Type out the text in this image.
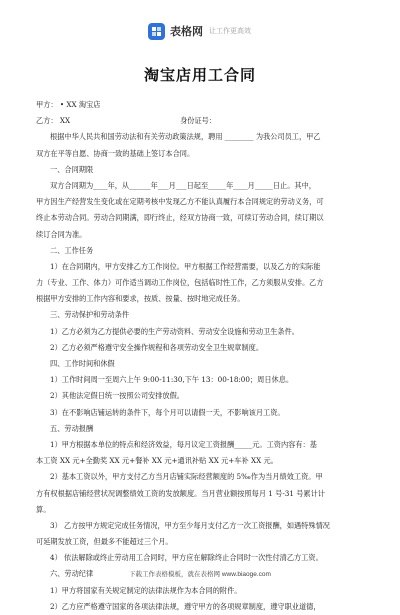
表格网 让工作更高效
淘宝店用工合同
甲方： • XX 淘宝店
乙方： XX	身份证号：
根据中华人民共和国劳动法和有关劳动政策法规，聘用 ________ 为我公司员工，甲乙
双方在平等自愿、协商一致的基础上签订本合同。
一、合同期限
双方合同期为____年，从______年___月___日起至_____年____月_____日止。其中，
甲方因生产经营发生变化或在定期考核中发现乙方不能认真履行本合同规定的劳动义务，可
终止本劳动合同。劳动合同期满，即行终止，经双方协商一致，可续订劳动合同，续订期以
续订合同为准。
二、工作任务
1）在合同期内，甲方安排乙方工作岗位。甲方根据工作经营需要，以及乙方的实际能
力（专业、工作、体力）可作适当调动工作岗位，包括临时性工作，乙方须服从安排。乙方
根据甲方安排的工作内容和要求，按质、按量、按时地完成任务。
三、劳动保护和劳动条件
1）乙方必须为乙方提供必要的生产劳动资料、劳动安全设施和劳动卫生条件。
2）乙方必须严格遵守安全操作规程和各项劳动安全卫生规章制度。
四、工作时间和休假
1）工作时间周一至周六上午 9:00-11:30,下午 13：00-18:00；周日休息。
2）其他法定假日统一按照公司安排放假。
3）在不影响店铺运转的条件下，每个月可以请假一天，不影响该月工资。
五、劳动报酬
1）甲方根据本单位的特点和经济效益，每月议定工资报酬_____元。工资内容有：基
本工资 XX 元+全勤奖 XX 元+餐补 XX 元+通讯补贴 XX 元+车补 XX 元。
2）基本工资以外，甲方支付乙方当月店铺实际经营额度的 5‰作为当月绩效工资。甲
方有权根据店铺经营状况调整绩效工资的发放额度。当月营业额按照每月 1 号-31 号累计计
算。
3） 乙方按甲方规定完成任务情况，甲方至少每月支付乙方一次工资报酬，如遇特殊情况
可延期发放工资，但最多不能超过三个月。
4） 依法解除或终止劳动用工合同时，甲方应在解除终止合同时一次性付清乙方工资。
六、劳动纪律
1）甲方将国家有关规定制定的法律法规作为本合同的附件。
2）乙方应严格遵守国家的各项法律法规，遵守甲方的各项规章制度，遵守职业道德，
下载工作表格模板，就在表格网 www.biaoge.com
